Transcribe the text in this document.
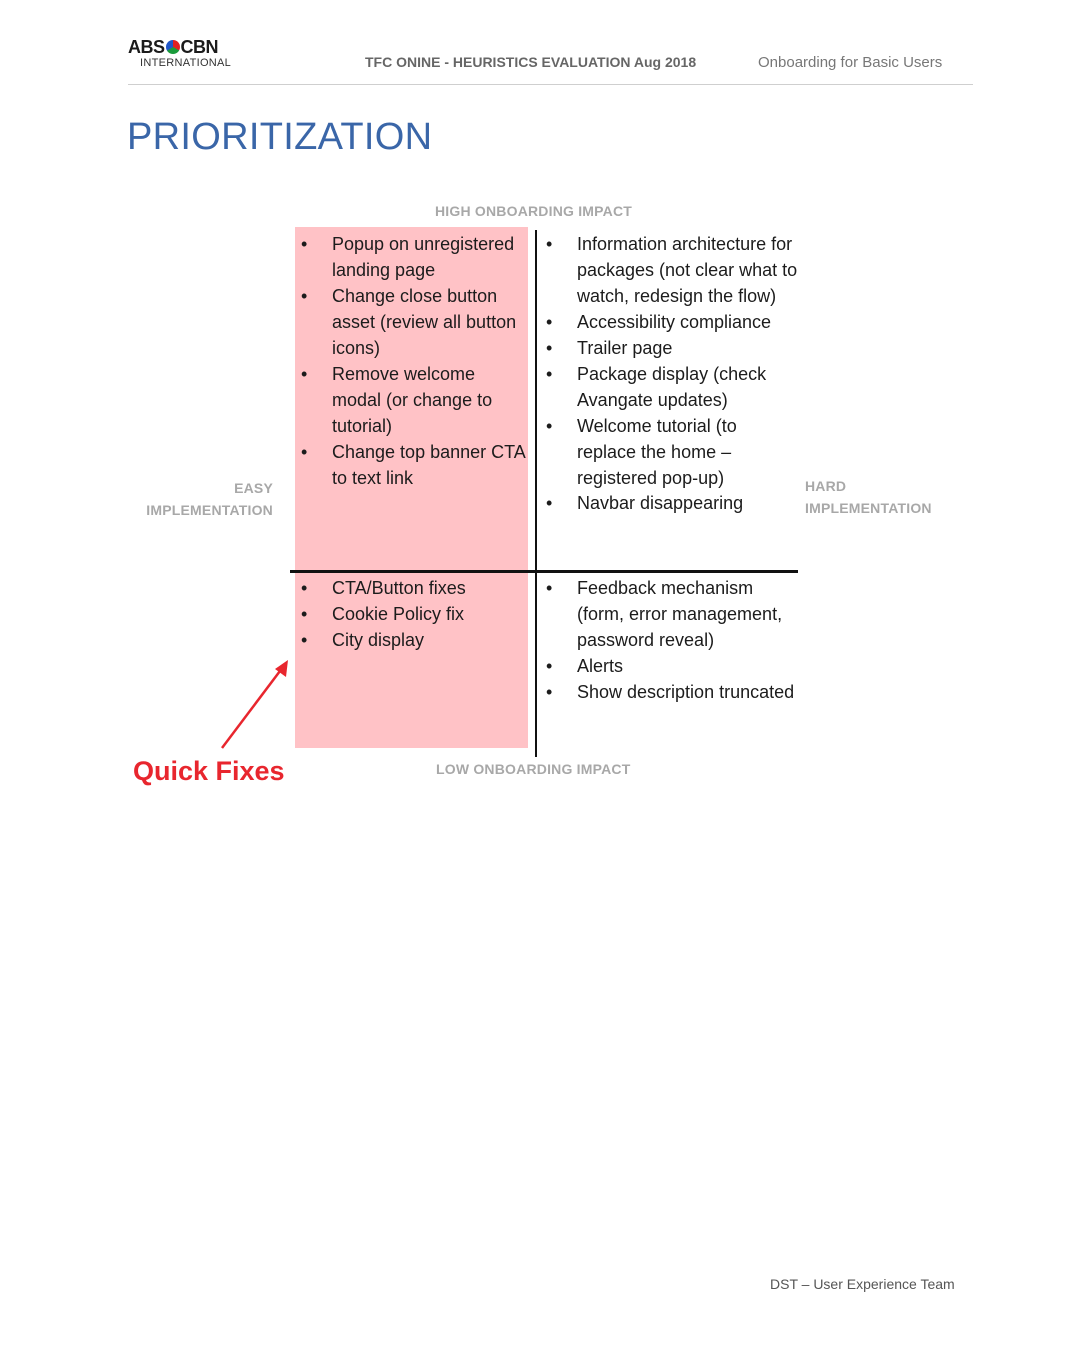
ABS CBN
INTERNATIONAL	TFC ONINE - HEURISTICS EVALUATION Aug 2018	Onboarding for Basic Users
PRIORITIZATION
HIGH ONBOARDING IMPACT
LOW ONBOARDING IMPACT
EASY
IMPLEMENTATION
HARD
IMPLEMENTATION
• Popup on unregistered landing page
• Change close button asset (review all button icons)
• Remove welcome modal (or change to tutorial)
• Change top banner CTA to text link
• Information architecture for packages (not clear what to watch, redesign the flow)
• Accessibility compliance
• Trailer page
• Package display (check Avangate updates)
• Welcome tutorial (to replace the home – registered pop-up)
• Navbar disappearing
• CTA/Button fixes
• Cookie Policy fix
• City display
• Feedback mechanism (form, error management, password reveal)
• Alerts
• Show description truncated
Quick Fixes
DST – User Experience Team
